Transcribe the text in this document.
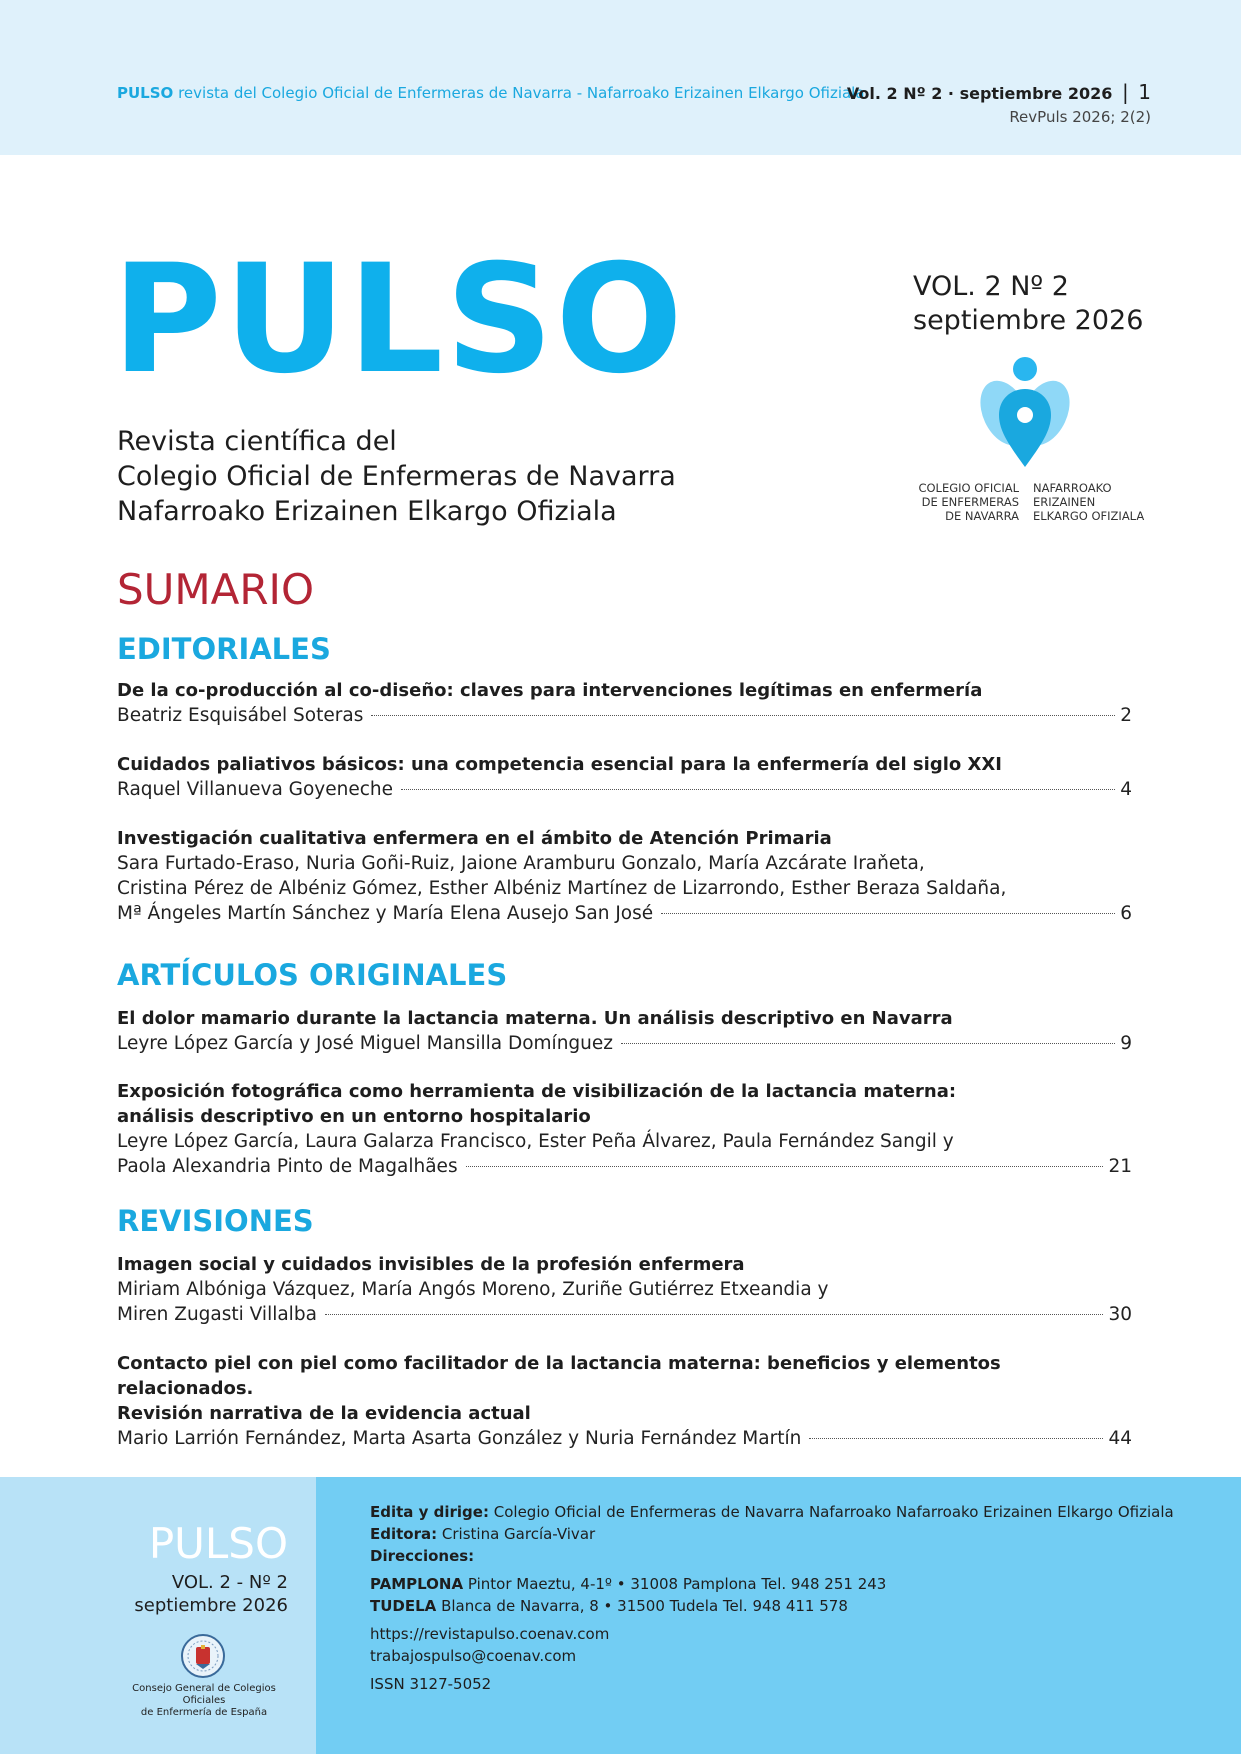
PULSO revista del Colegio Oficial de Enfermeras de Navarra - Nafarroako Erizainen Elkargo Ofiziala
Vol. 2 Nº 2 · septiembre 2026 | 1
RevPuls 2026; 2(2)
PULSO
Revista científica del
Colegio Oficial de Enfermeras de Navarra
Nafarroako Erizainen Elkargo Ofiziala
VOL. 2 Nº 2
septiembre 2026
COLEGIO OFICIAL
DE ENFERMERAS
DE NAVARRA
NAFARROAKO
ERIZAINEN
ELKARGO OFIZIALA
SUMARIO
EDITORIALES
De la co-producción al co-diseño: claves para intervenciones legítimas en enfermería
Beatriz Esquisábel Soteras	2
Cuidados paliativos básicos: una competencia esencial para la enfermería del siglo XXI
Raquel Villanueva Goyeneche	4
Investigación cualitativa enfermera en el ámbito de Atención Primaria
Sara Furtado-Eraso, Nuria Goñi-Ruiz, Jaione Aramburu Gonzalo, María Azcárate Iraňeta,
Cristina Pérez de Albéniz Gómez, Esther Albéniz Martínez de Lizarrondo, Esther Beraza Saldaña,
Mª Ángeles Martín Sánchez y María Elena Ausejo San José	6
ARTÍCULOS ORIGINALES
El dolor mamario durante la lactancia materna. Un análisis descriptivo en Navarra
Leyre López García y José Miguel Mansilla Domínguez	9
Exposición fotográfica como herramienta de visibilización de la lactancia materna:
análisis descriptivo en un entorno hospitalario
Leyre López García, Laura Galarza Francisco, Ester Peña Álvarez, Paula Fernández Sangil y
Paola Alexandria Pinto de Magalhães	21
REVISIONES
Imagen social y cuidados invisibles de la profesión enfermera
Miriam Albóniga Vázquez, María Angós Moreno, Zuriñe Gutiérrez Etxeandia y
Miren Zugasti Villalba	30
Contacto piel con piel como facilitador de la lactancia materna: beneficios y elementos relacionados.
Revisión narrativa de la evidencia actual
Mario Larrión Fernández, Marta Asarta González y Nuria Fernández Martín	44
PULSO
VOL. 2 - Nº 2
septiembre 2026
Consejo General de Colegios Oficiales
de Enfermería de España
Edita y dirige: Colegio Oficial de Enfermeras de Navarra Nafarroako Nafarroako Erizainen Elkargo Ofiziala
Editora: Cristina García-Vivar
Direcciones:
PAMPLONA Pintor Maeztu, 4-1º • 31008 Pamplona Tel. 948 251 243
TUDELA Blanca de Navarra, 8 • 31500 Tudela Tel. 948 411 578
https://revistapulso.coenav.com
trabajospulso@coenav.com
ISSN 3127-5052
